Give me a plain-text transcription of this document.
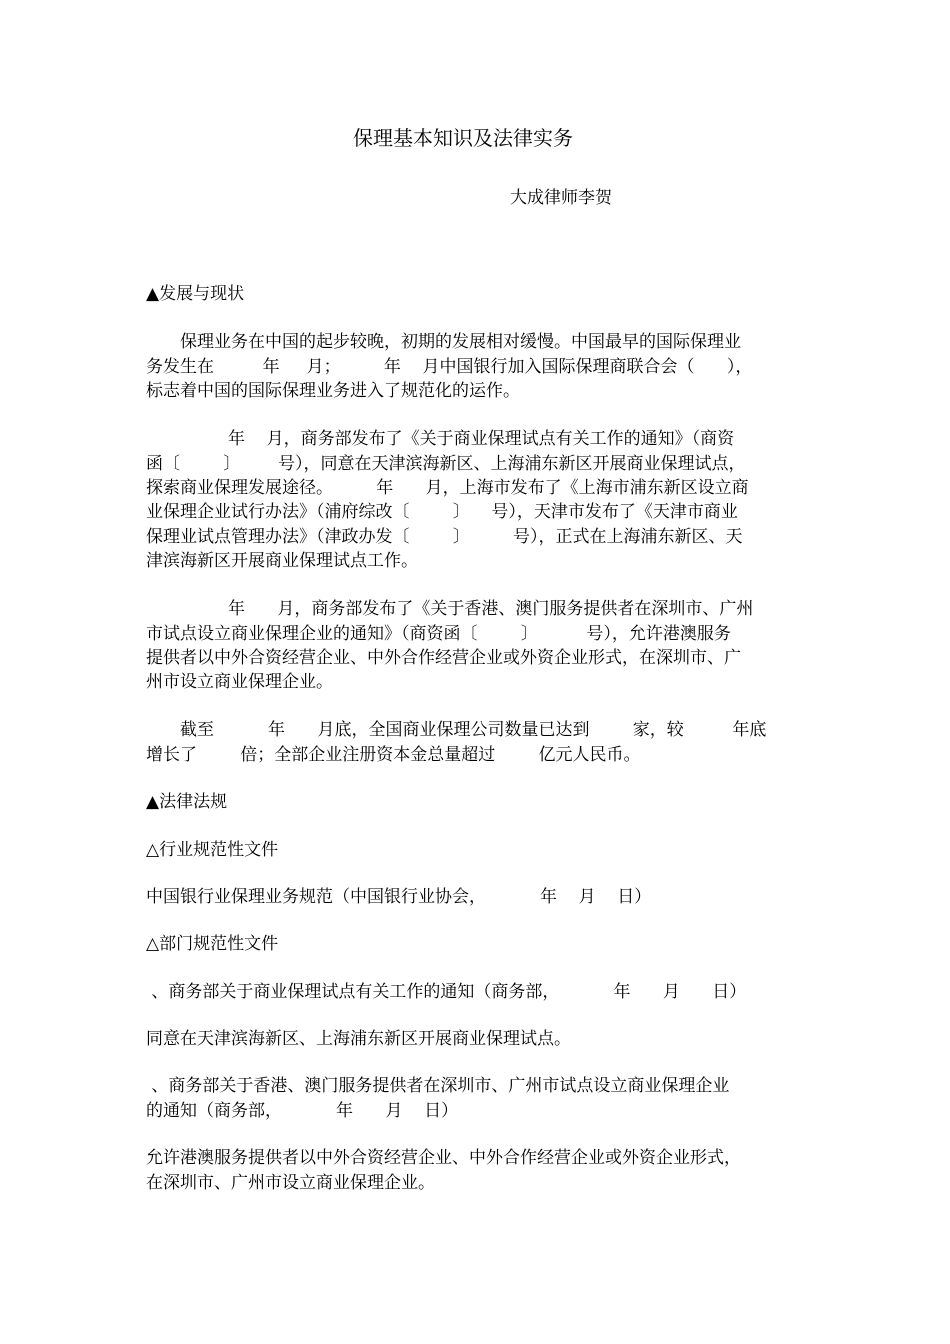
保理基本知识及法律实务
大成律师李贺
▲发展与现状
保理业务在中国的起步较晚，初期的发展相对缓慢。中国最早的国际保理业
务发生在         年     月；        年    月中国银行加入国际保理商联合会（      ），
标志着中国的国际保理业务进入了规范化的运作。
年    月，商务部发布了《关于商业保理试点有关工作的通知》（商资
函〔        〕       号），同意在天津滨海新区、上海浦东新区开展商业保理试点，
探索商业保理发展途径。        年      月，上海市发布了《上海市浦东新区设立商
业保理企业试行办法》（浦府综改〔        〕    号），天津市发布了《天津市商业
保理业试点管理办法》（津政办发〔        〕        号），正式在上海浦东新区、天
津滨海新区开展商业保理试点工作。
年      月，商务部发布了《关于香港、澳门服务提供者在深圳市、广州
市试点设立商业保理企业的通知》（商资函〔        〕         号），允许港澳服务
提供者以中外合资经营企业、中外合作经营企业或外资企业形式，在深圳市、广
州市设立商业保理企业。
截至          年      月底，全国商业保理公司数量已达到        家，较         年底
增长了        倍；全部企业注册资本金总量超过        亿元人民币。
▲法律法规
△行业规范性文件
中国银行业保理业务规范（中国银行业协会，          年    月    日）
△部门规范性文件
、商务部关于商业保理试点有关工作的通知（商务部，          年      月      日）
同意在天津滨海新区、上海浦东新区开展商业保理试点。
、商务部关于香港、澳门服务提供者在深圳市、广州市试点设立商业保理企业
的通知（商务部，          年      月    日）
允许港澳服务提供者以中外合资经营企业、中外合作经营企业或外资企业形式，
在深圳市、广州市设立商业保理企业。
